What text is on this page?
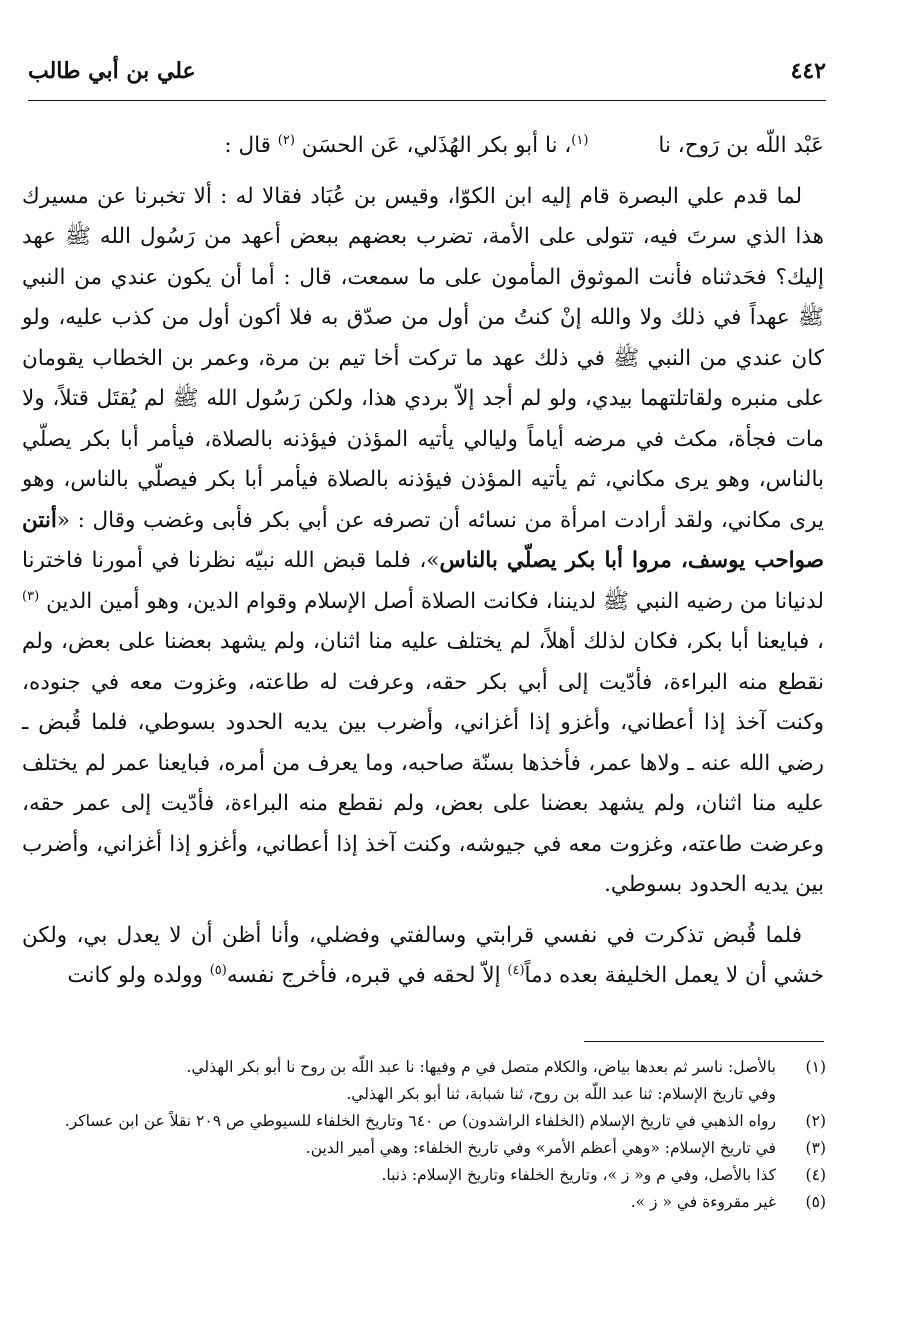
٤٤٢
علي بن أبي طالب

عَبْد اللّه بن رَوح، نا$^{(١)}$، نا أبو بكر الهُذَلي، عَن الحسَن $^{(٢)}$ قال :

لما قدم علي البصرة قام إليه ابن الكوّا، وقيس بن عُبَاد فقالا له : ألا تخبرنا عن مسيرك هذا الذي سرتَ فيه، تتولى على الأمة، تضرب بعضهم ببعض أعهد من رَسُول الله ﷺ عهد إليك؟ فحَدثناه فأنت الموثوق المأمون على ما سمعت، قال : أما أن يكون عندي من النبي ﷺ عهداً في ذلك ولا والله إنْ كنتُ من أول من صدّق به فلا أكون أول من كذب عليه، ولو كان عندي من النبي ﷺ في ذلك عهد ما تركت أخا تيم بن مرة، وعمر بن الخطاب يقومان على منبره ولقاتلتهما بيدي، ولو لم أجد إلاّ بردي هذا، ولكن رَسُول الله ﷺ لم يُقتَل قتلاً، ولا مات فجأة، مكث في مرضه أياماً وليالي يأتيه المؤذن فيؤذنه بالصلاة، فيأمر أبا بكر يصلّي بالناس، وهو يرى مكاني، ثم يأتيه المؤذن فيؤذنه بالصلاة فيأمر أبا بكر فيصلّي بالناس، وهو يرى مكاني، ولقد أرادت امرأة من نسائه أن تصرفه عن أبي بكر فأبى وغضب وقال : «أنتن صواحب يوسف، مروا أبا بكر يصلّي بالناس»، فلما قبض الله نبيّه نظرنا في أمورنا فاخترنا لدنيانا من رضيه النبي ﷺ لديننا، فكانت الصلاة أصل الإسلام وقوام الدين، وهو أمين الدين $^{(٣)}$ ، فبايعنا أبا بكر، فكان لذلك أهلاً، لم يختلف عليه منا اثنان، ولم يشهد بعضنا على بعض، ولم نقطع منه البراءة، فأدّيت إلى أبي بكر حقه، وعرفت له طاعته، وغزوت معه في جنوده، وكنت آخذ إذا أعطاني، وأغزو إذا أغزاني، وأضرب بين يديه الحدود بسوطي، فلما قُبض ـ رضي الله عنه ـ ولاها عمر، فأخذها بسنّة صاحبه، وما يعرف من أمره، فبايعنا عمر لم يختلف عليه منا اثنان، ولم يشهد بعضنا على بعض، ولم نقطع منه البراءة، فأدّيت إلى عمر حقه، وعرضت طاعته، وغزوت معه في جيوشه، وكنت آخذ إذا أعطاني، وأغزو إذا أغزاني، وأضرب بين يديه الحدود بسوطي.

فلما قُبض تذكرت في نفسي قرابتي وسالفتي وفضلي، وأنا أظن أن لا يعدل بي، ولكن خشي أن لا يعمل الخليفة بعده دماً$^{(٤)}$ إلاّ لحقه في قبره، فأخرج نفسه$^{(٥)}$ وولده ولو كانت

(١)
بالأصل: ناسر ثم بعدها بياض، والكلام متصل في م وفيها: نا عبد اللّه بن روح نا أبو بكر الهذلي.
وفي تاريخ الإسلام: ثنا عبد اللّه بن روح، ثنا شبابة، ثنا أبو بكر الهذلي.
(٢)
رواه الذهبي في تاريخ الإسلام (الخلفاء الراشدون) ص ٦٤٠ وتاريخ الخلفاء للسيوطي ص ٢٠٩ نقلاً عن ابن عساكر.
(٣)
في تاريخ الإسلام: «وهي أعظم الأمر» وفي تاريخ الخلفاء: وهي أمير الدين.
(٤)
كذا بالأصل، وفي م و« ز »، وتاريخ الخلفاء وتاريخ الإسلام: ذنبا.
(٥)
غير مقروءة في « ز ».
